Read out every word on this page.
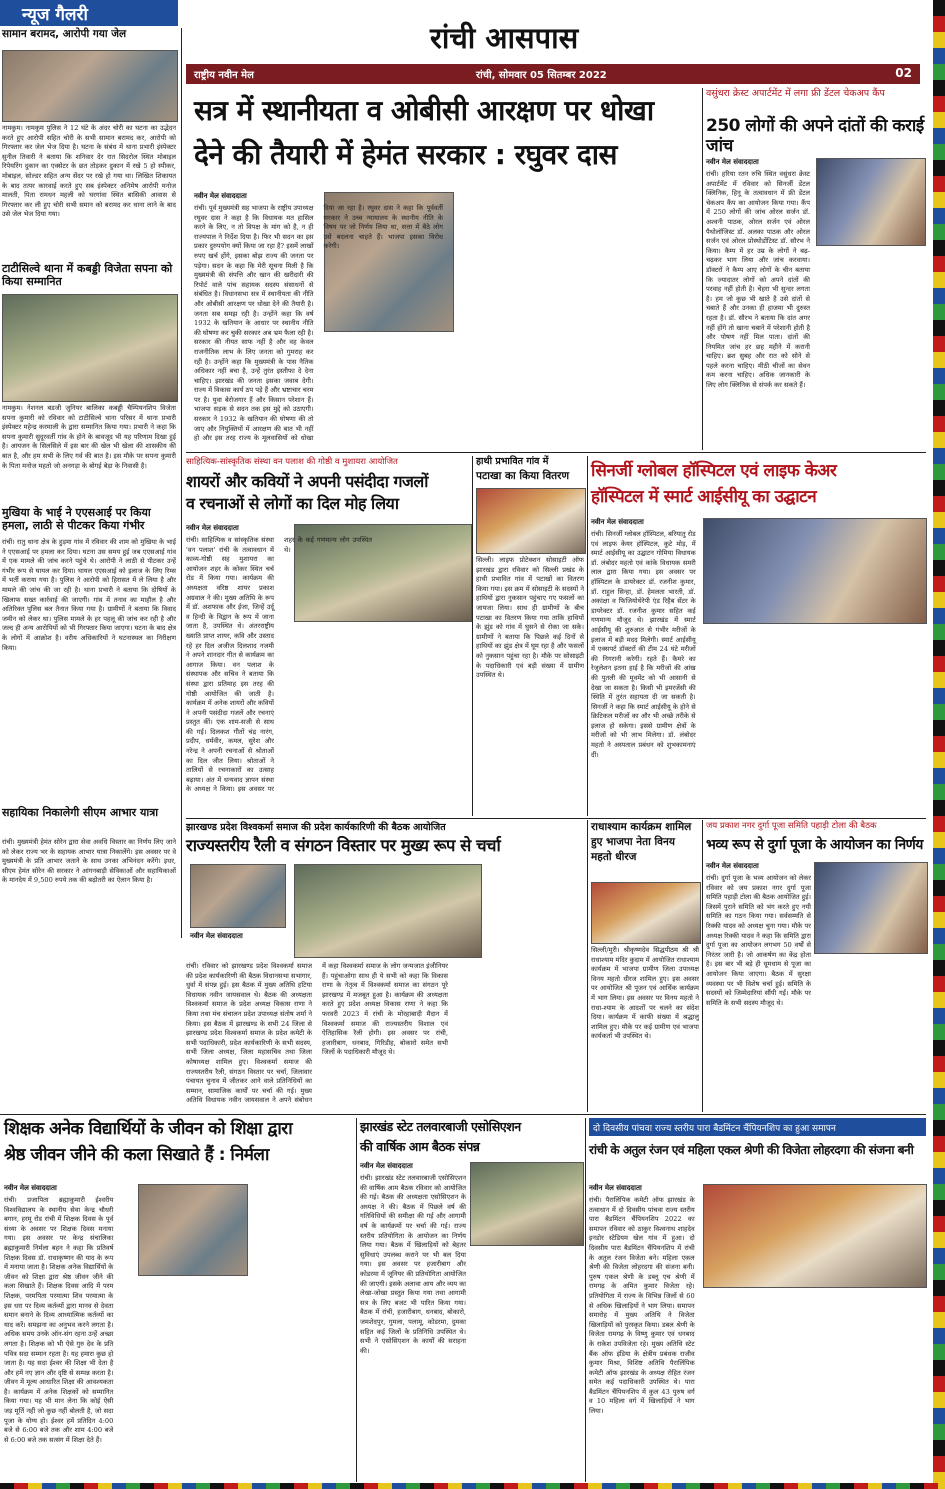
न्यूज गैलरी
रांची आसपास
राष्ट्रीय नवीन मेल	रांची, सोमवार 05 सितम्बर 2022	02
सामान बरामद, आरोपी गया जेल
नामकुम। नामकुम पुलिस ने 12 घंटे के अंदर चोरी का घटना का उद्भेदन करते हुए आरोपी सहित चोरी के सभी सामान बरामद कर, आरोपी को गिरफ्तार कर जेल भेज दिया है। घटना के संबंध में थाना प्रभारी इंस्पेक्टर सुनील तिवारी ने बताया कि शनिवार देर रात सिदरोल स्थित मोबाइल रिपेयरिंग दुकान का एक्सेटर के छत तोड़कर दुकान में रखे 5 हो स्पीकर, मोबाइल, सोल्डर सहित अन्य सेंदर पर रखे हो गया था। लिखित शिकायत के बाद तत्पर कारवाई करते हुए सब इंस्पेक्टर अनिमेष आरोपी मनोज मालती, पिता रामधन महली को घरगांवा स्थित बासिकी आवास से गिरफ्तार कर ली हुए चोरी सभी समान को बरामद कर थाना लाने के बाद उसे जेल भेज दिया गया।
टाटीसिल्वे थाना में कबड्डी विजेता सपना को किया सम्मानित
नामकुम। नेशनल बडजी जुनियर बालिका कबड्डी चैम्पियनशिप विजेता सपना कुमारी को रविवार को टाटीसिल्वे थाना परिसर में थाना प्रभारी इंस्पेक्टर महेन्द्र करमाली के द्वारा सम्मानित किया गया। प्रभारी ने कहा कि सपना कुमारी सुदूरवर्ती गांव के होने के बावजूद भी यह परिणाम दिखा हुई है। आयजन के सिलसिले में इस बार की खेल भी खेला की शासकीय की बात है, और हम सभी के लिए गर्व की बात है। इस मौके पर सपना कुमारी के पिता मनोज महतो जो अनगड़ा के बोगई बेड़ा के निवासी है।
मुखिया के भाई ने एएसआई पर किया हमला, लाठी से पीटकर किया गंभीर
रांची। रातु थाना क्षेत्र के हुड़मा गांव में रविवार की शाम को मुखिया के भाई ने एएसआई पर हमला कर दिया। घटना उस समय हुई जब एएसआई गांव में एक मामले की जांच करने पहुंचे थे। आरोपी ने लाठी से पीटकर उन्हें गंभीर रूप से घायल कर दिया। घायल एएसआई को इलाज के लिए रिम्स में भर्ती कराया गया है। पुलिस ने आरोपी को हिरासत में ले लिया है और मामले की जांच की जा रही है। थाना प्रभारी ने बताया कि दोषियों के खिलाफ सख्त कार्रवाई की जाएगी। गांव में तनाव का माहौल है और अतिरिक्त पुलिस बल तैनात किया गया है। ग्रामीणों ने बताया कि विवाद जमीन को लेकर था। पुलिस मामले के हर पहलू की जांच कर रही है और जल्द ही अन्य आरोपियों को भी गिरफ्तार किया जाएगा। घटना के बाद क्षेत्र के लोगों में आक्रोश है। वरीय अधिकारियों ने घटनास्थल का निरीक्षण किया।
सहायिका निकालेगी सीएम आभार यात्रा
रांची। मुख्यमंत्री हेमंत सोरेन द्वारा सेवा अवधि विस्तार का निर्णय लिए जाने को लेकर राज्य भर के सहायक आभार यात्रा निकालेंगे। इस अवसर पर वे मुख्यमंत्री के प्रति आभार जताने के साथ उनका अभिनंदन करेंगे। इधर, सीएम हेमंत सोरेन की सरकार ने आंगनबाड़ी सेविकाओं और सहायिकाओं के मानदेय में 9,500 रुपये तक की बढ़ोतरी का ऐलान किया है।
सत्र में स्थानीयता व ओबीसी आरक्षण पर धोखा
देने की तैयारी में हेमंत सरकार : रघुवर दास
नवीन मेल संवाददाता
रांची। पूर्व मुख्यमंत्री सह भाजपा के राष्ट्रीय उपाध्यक्ष रघुवर दास ने कहा है कि विधायक मत हासिल करने के लिए, न तो विपक्ष के मांग को है, न ही राज्यपाल ने निर्देश दिया है। फिर भी सदन का इस प्रकार दुरुपयोग क्यों किया जा रहा है? इसमें लाखों रुपए खर्च होंगे, इसका बोझ राज्य की जनता पर पड़ेगा। सदन के कहा कि मेरी सूचना मिली है कि मुख्यमंत्री की संपत्ति और खान की खरीदारी की रिपोर्ट वाले पांच सहायक सदस्य संसाधनों से संबंधित है। विधानसभा सत्र में स्थानीयता की नीति और ओबीसी आरक्षण पर धोखा देने की तैयारी है। जनता सब समझ रही है। उन्होंने कहा कि वर्ष 1932 के खतियान के आधार पर स्थानीय नीति की घोषणा कर चुकी सरकार अब भ्रम फैला रही है। सरकार की नीयत साफ नहीं है और वह केवल राजनीतिक लाभ के लिए जनता को गुमराह कर रही है। उन्होंने कहा कि मुख्यमंत्री के पास नैतिक अधिकार नहीं बचा है, उन्हें तुरंत इस्तीफा दे देना चाहिए। झारखंड की जनता इसका जवाब देगी। राज्य में विकास कार्य ठप पड़े हैं और भ्रष्टाचार चरम पर है। युवा बेरोजगार हैं और किसान परेशान हैं। भाजपा सड़क से सदन तक इस मुद्दे को उठाएगी। सरकार ने 1932 के खतियान की घोषणा की तो जाए और नियुक्तियों में आरक्षण की बात भी नहीं हो और इस तरह राज्य के मूलवासियों को धोखा दिया जा रहा है। रघुवर दास ने कहा कि पूर्ववर्ती सरकार ने उच्च न्यायालय के स्थानीय नीति के विषय पर जो निर्णय लिया था, सत्ता में बैठे लोग उसे बदलना चाहते हैं। भाजपा इसका विरोध करेगी।
वसुंधरा क्रेस्ट अपार्टमेंट में लगा फ्री डेंटल चेकअप कैंप
250 लोगों की अपने दांतों की कराई जांच
नवीन मेल संवाददाता
रांची। हरिया रतन रुचि स्थित वसुंधरा क्रेस्ट अपार्टमेंट में रविवार को सिनर्जी डेंटल क्लिनिक, हिनू के तत्वावधान में फ्री डेंटल चेकअप कैंप का आयोजन किया गया। कैंप में 250 लोगों की जांच ओरल सर्जन डॉ. अश्वनी पाठक, ओरल सर्जन एवं ओरल पैथोलॉजिस्ट डॉ. अलका पाठक और ओरल सर्जन एवं ओरल प्रोस्थोडोंटिस्ट डॉ. सौरभ ने किया। कैम्प में हर उम्र के लोगों ने बढ़-चढ़कर भाग लिया और जांच करवाया। डॉक्टरों ने कैम्प आए लोगों के चीन बताया कि ज्यादातर लोगों को अपने दांतों की परवाह नहीं होती है। चेहरा भी सुन्दर लगता है। हम जो कुछ भी खाते है उसे दांतों से चबाते हैं और उनका ही हाजमा भी दुरुस्त रहता है। डॉ. सौरभ ने बताया कि दांत अगर नहीं होंगे तो खाना चबाने में परेशानी होती है और पोषण नहीं मिल पाता। दांतों की नियमित जांच हर छह महीने में करानी चाहिए। ब्रश सुबह और रात को सोने से पहले करना चाहिए। मीठी चीजों का सेवन कम करना चाहिए। अधिक जानकारी के लिए लोग क्लिनिक से संपर्क कर सकते हैं।
साहित्यिक-सांस्कृतिक संस्था वन पलाश की गोष्ठी व मुशायरा आयोजित
शायरों और कवियों ने अपनी पसंदीदा गजलों
व रचनाओं से लोगों का दिल मोह लिया
नवीन मेल संवाददाता
रांची। साहित्यिक व सांस्कृतिक संस्था 'वन पलाश' रांची के तत्वावधान में काव्य-गोष्ठी सह मुशायरा का आयोजन शहर के कोकर स्थित चर्च रोड में किया गया। कार्यक्रम की अध्यक्षता वरिष्ठ शायर प्रकाश अग्रवाल ने की। मुख्य अतिथि के रूप में डॉ. अशफाक और ईजा, जिन्हें उर्दू व हिन्दी के विद्वान के रूप में जाना जाता है, उपस्थित थे। अंतरराष्ट्रीय ख्याति प्राप्त शायर, कवि और उस्ताद रहे हर दिल अजीज दिलशाद नजमी ने अपने शानदार गीत से कार्यक्रम का आगाज किया। वन पलाश के संस्थापक और सचिव ने बताया कि संस्था द्वारा प्रतिमाह इस तरह की गोष्ठी आयोजित की जाती है। कार्यक्रम में अनेक शायरों और कवियों ने अपनी पसंदीदा गजलें और रचनाएं प्रस्तुत कीं। एक शाम-सजी से साथ की गई। दिलकश गीतों चंद्र नारंग, प्रदीप, धर्मवीर, कमल, सुरेश और नरेन्द्र ने अपनी रचनाओं से श्रोताओं का दिल जीत लिया। श्रोताओं ने तालियों से रचनाकारों का उत्साह बढ़ाया। अंत में धन्यवाद ज्ञापन संस्था के अध्यक्ष ने किया। इस अवसर पर शहर के कई गणमान्य लोग उपस्थित थे।
हाथी प्रभावित गांव में
पटाखा का किया वितरण
सिल्ली। लाइफ प्रोटेक्शन सोसाइटी ऑफ झारखंड द्वारा रविवार को सिल्ली प्रखंड के हाथी प्रभावित गांव में पटाखों का वितरण किया गया। इस क्रम में सोसाइटी के सदस्यों ने हाथियों द्वारा नुकसान पहुंचाए गए फसलों का जायजा लिया। साथ ही ग्रामीणों के बीच पटाखा का वितरण किया गया ताकि हाथियों के झुंड को गांव में घुसने से रोका जा सके। ग्रामीणों ने बताया कि पिछले कई दिनों से हाथियों का झुंड क्षेत्र में घूम रहा है और फसलों को नुकसान पहुंचा रहा है। मौके पर सोसाइटी के पदाधिकारी एवं बड़ी संख्या में ग्रामीण उपस्थित थे।
सिनर्जी ग्लोबल हॉस्पिटल एवं लाइफ केअर
हॉस्पिटल में स्मार्ट आईसीयू का उद्घाटन
नवीन मेल संवाददाता
रांची। सिनर्जी ग्लोबल हॉस्पिटल, बरियातु रोड एवं लाइफ केयर हॉस्पिटल, कुटे मोड़, में स्मार्ट आईसीयू का उद्घाटन गोमिया विधायक डॉ. लंबोदर महतो एवं कांके विधायक समरी लाल द्वारा किया गया। इस अवसर पर हॉस्पिटल के डायरेक्टर डॉ. रजनीश कुमार, डॉ. राहुल सिन्हा, डॉ. हेमलता भारती, डॉ. अकांक्षा व फिजियोथेरेपी एंड रिहैब सेंटर के डायरेक्टर डॉ. रजनीश कुमार सहित कई गणमान्य मौजूद थे। झारखंड में स्मार्ट आईसीयू की शुरुआत से गंभीर मरीजों के इलाज में बड़ी मदद मिलेगी। स्मार्ट आईसीयू में एक्सपर्ट डॉक्टरों की टीम 24 घंटे मरीजों की निगरानी करेगी। रहते हैं। कैमरे का रेजुलेशन इतना हाई है कि मरीजों की आंख की पुतली की मूवमेंट को भी आसानी से देखा जा सकता है। किसी भी इमरजेंसी की स्थिति में तुरंत सहायता दी जा सकती है। सिनर्जी ने कहा कि स्मार्ट आईसीयू के होने से क्रिटिकल मरीजों का और भी अच्छे तरीके से इलाज हो सकेगा। इससे ग्रामीण क्षेत्रों के मरीजों को भी लाभ मिलेगा। डॉ. लंबोदर महतो ने अस्पताल प्रबंधन को शुभकामनाएं दीं।
झारखण्ड प्रदेश विश्वकर्मा समाज की प्रदेश कार्यकारिणी की बैठक आयोजित
राज्यस्तरीय रैली व संगठन विस्तार पर मुख्य रूप से चर्चा
नवीन मेल संवाददाता
रांची। रविवार को झारखण्ड प्रदेश विश्वकर्मा समाज की प्रदेश कार्यकारिणी की बैठक विधानसभा सभागार, धुर्वा में संपन्न हुई। इस बैठक में मुख्य अतिथि हटिया विधायक नवीन जायसवाल थे। बैठक की अध्यक्षता विश्वकर्मा समाज के प्रदेश अध्यक्ष विकास राणा ने किया तथा मंच संचालन प्रदेश उपाध्यक्ष संतोष शर्मा ने किया। इस बैठक में झारखण्ड के सभी 24 जिला से झारखण्ड प्रदेश विश्वकर्मा समाज के प्रदेश कमेटी के सभी पदाधिकारी, प्रदेश कार्यकारिणी के सभी सदस्य, सभी जिला अध्यक्ष, जिला महासचिव तथा जिला कोषाध्यक्ष शामिल हुए। विश्वकर्मा समाज की राज्यस्तरीय रैली, संगठन विस्तार पर चर्चा, जिलावार पंचायत चुनाव में जीतकर आने वाले प्रतिनिधियों का सम्मान, सामाजिक कार्यों पर चर्चा की गई। मुख्य अतिथि विधायक नवीन जायसवाल ने अपने संबोधन में कहा विश्वकर्मा समाज के लोग जन्मजात इंजीनियर हैं। पहुंचाओगा साथ ही ये सभी को कहा कि विकास राणा के नेतृत्व में विश्वकर्मा समाज का संगठन पूरे झारखण्ड में मजबूत हुआ है। कार्यक्रम की अध्यक्षता करते हुए प्रदेश अध्यक्ष विकास राणा ने कहा कि फरवरी 2023 में रांची के मोरहाबादी मैदान में विश्वकर्मा समाज की राज्यस्तरीय विशाल एवं ऐतिहासिक रैली होगी। इस अवसर पर रांची, हजारीबाग, धनबाद, गिरिडीह, बोकारो समेत सभी जिलों के पदाधिकारी मौजूद थे।
राधाश्याम कार्यक्रम शामिल हुए भाजपा नेता विनय महतो धीरज
सिल्ली/मुरी। श्रीकृष्णदेव सिद्धपीठम श्री श्री राधाश्याम मंदिर कुदाम में आयोजित राधाश्याम कार्यक्रम में भाजपा ग्रामीण जिला उपाध्यक्ष विनय महतो धीरज शामिल हुए। इस अवसर पर आयोजित श्री पूजन एवं आर्थिक कार्यक्रम में भाग लिया। इस अवसर पर विनय महतो ने राधा-श्याम के आदर्शों पर चलने का संदेश दिया। कार्यक्रम में काफी संख्या में श्रद्धालु शामिल हुए। मौके पर कई ग्रामीण एवं भाजपा कार्यकर्ता भी उपस्थित थे।
जय प्रकाश नगर दुर्गा पूजा समिति पहाड़ी टोला की बैठक
भव्य रूप से दुर्गा पूजा के आयोजन का निर्णय
नवीन मेल संवाददाता
रांची। दुर्गा पूजा के भव्य आयोजन को लेकर रविवार को जय प्रकाश नगर दुर्गा पूजा समिति पहाड़ी टोला की बैठक आयोजित हुई। जिसमें पुराने समिति को भंग करते हुए नयी समिति का गठन किया गया। सर्वसम्मति से रिक्की यादव को अध्यक्ष चुना गया। मौके पर अध्यक्ष रिक्की यादव ने कहा कि समिति द्वारा दुर्गा पूजा का आयोजन लगभग 50 वर्षों से निरंतर जारी है। जो आकर्षण का केंद्र होता है। इस बार भी बड़े ही धूमधाम से पूजा का आयोजन किया जाएगा। बैठक में सुरक्षा व्यवस्था पर भी विशेष चर्चा हुई। समिति के सदस्यों को जिम्मेदारियां सौंपी गईं। मौके पर समिति के सभी सदस्य मौजूद थे।
शिक्षक अनेक विद्यार्थियों के जीवन को शिक्षा द्वारा
श्रेष्ठ जीवन जीने की कला सिखाते हैं : निर्मला
नवीन मेल संवाददाता
रांची। प्रजापिता ब्रह्माकुमारी ईश्वरीय विश्वविद्यालय के स्थानीय सेवा केन्द्र चौधरी बगान, हरमू रोड रांची में शिक्षक दिवस के पूर्व संध्या के अवसर पर शिक्षक दिवस मनाया गया। इस अवसर पर केन्द्र संचालिका ब्रह्माकुमारी निर्मला बहन ने कहा कि प्रतिवर्ष शिक्षक दिवस डॉ. राधाकृष्णन की याद के रूप में मनाया जाता है। शिक्षक अनेक विद्यार्थियों के जीवन को शिक्षा द्वारा श्रेष्ठ जीवन जीने की कला सिखाते हैं। शिक्षक दिवस आदि में परम शिक्षक, परमपिता परमात्मा शिव परमात्मा के इस धरा पर दिव्य कर्तव्यों द्वारा मानव से देवता समान बनाने के दिव्य आध्यात्मिक कर्तव्यों का याद करें। समझना का अनुभव करने लगता है। अधिक समय उनके ऑन-संग रहना उन्हें अच्छा लगता है। शिक्षक को भी ऐसे गुरु देव के प्रति पवित्र सदा सम्मान रहता है। यह हमारा कुछ हो जाता है। यह सदा ईश्वर की शिक्षा भी देता है और हमें नए ज्ञान और दृष्टि से सम्पन्न करता है। जीवन में मूल्य आधारित शिक्षा की आवश्यकता है। कार्यक्रम में अनेक शिक्षकों को सम्मानित किया गया। यह भी मान लेना कि कोई ऐसी जड़ मूर्ति नहीं जो कुछ नहीं बोलती है, जो सदा पूजा के योग्य हो। ईश्वर हमें प्रतिदिन 4:00 बजे से 6:00 बजे तक और शाम 4:00 बजे से 6:00 बजे तक सत्संग में शिक्षा देते हैं।
झारखंड स्टेट तलवारबाजी एसोसिएशन
की वार्षिक आम बैठक संपन्न
नवीन मेल संवाददाता
रांची। झारखंड स्टेट तलवारबाजी एसोसिएशन की वार्षिक आम बैठक रविवार को आयोजित की गई। बैठक की अध्यक्षता एसोसिएशन के अध्यक्ष ने की। बैठक में पिछले वर्ष की गतिविधियों की समीक्षा की गई और आगामी वर्ष के कार्यक्रमों पर चर्चा की गई। राज्य स्तरीय प्रतियोगिता के आयोजन का निर्णय लिया गया। बैठक में खिलाड़ियों को बेहतर सुविधाएं उपलब्ध कराने पर भी बल दिया गया। इस अवसर पर हजारीबाग और कोडरमा में जूनियर की प्रतियोगिता आयोजित की जाएगी। इसके अलावा आय और व्यय का लेखा-जोखा प्रस्तुत किया गया तथा आगामी सत्र के लिए बजट भी पारित किया गया। बैठक में रांची, हजारीबाग, धनबाद, बोकारो, जमशेदपुर, गुमला, पलामू, कोडरमा, दुमका सहित कई जिलों के प्रतिनिधि उपस्थित थे। सभी ने एसोसिएशन के कार्यों की सराहना की।
दो दिवसीय पांचवा राज्य स्तरीय पारा बैडमिंटन चैंपियनशिप का हुआ समापन
रांची के अतुल रंजन एवं महिला एकल श्रेणी की विजेता लोहरदगा की संजना बनी
नवीन मेल संवाददाता
रांची। पैरालिंपिक कमेटी ऑफ झारखंड के तत्वाधान में दो दिवसीय पांचवा राज्य स्तरीय पारा बैडमिंटन चैंपियनशिप 2022 का समापन रविवार को ठाकुर विश्वनाथ शाहदेव इनडोर स्टेडियम खेल गांव में हुआ। दो दिवसीय पारा बैडमिंटन चैंपियनशिप में रांची के अतुल रंजन विजेता बने। महिला एकल श्रेणी की विजेता लोहरदगा की संजना बनी। पुरुष एकल श्रेणी के डब्लू एच श्रेणी में रामगढ़ के अमित कुमार विजेता रहे। प्रतियोगिता में राज्य के विभिन्न जिलों से 60 से अधिक खिलाड़ियों ने भाग लिया। समापन समारोह में मुख्य अतिथि ने विजेता खिलाड़ियों को पुरस्कृत किया। डबल श्रेणी के विजेता रामगढ़ के विष्णु कुमार एवं धनबाद के राकेश उपविजेता रहे। मुख्य अतिथि स्टेट बैंक ऑफ इंडिया के क्षेत्रीय प्रबंधक राजीव कुमार मिश्रा, विशिष्ट अतिथि पैरालिंपिक कमेटी ऑफ झारखंड के अध्यक्ष रोहित रंजन समेत कई पदाधिकारी उपस्थित थे। पारा बैडमिंटन चैंपियनशिप में कुल 43 पुरुष वर्ग व 10 महिला वर्ग में खिलाड़ियों ने भाग लिया।
